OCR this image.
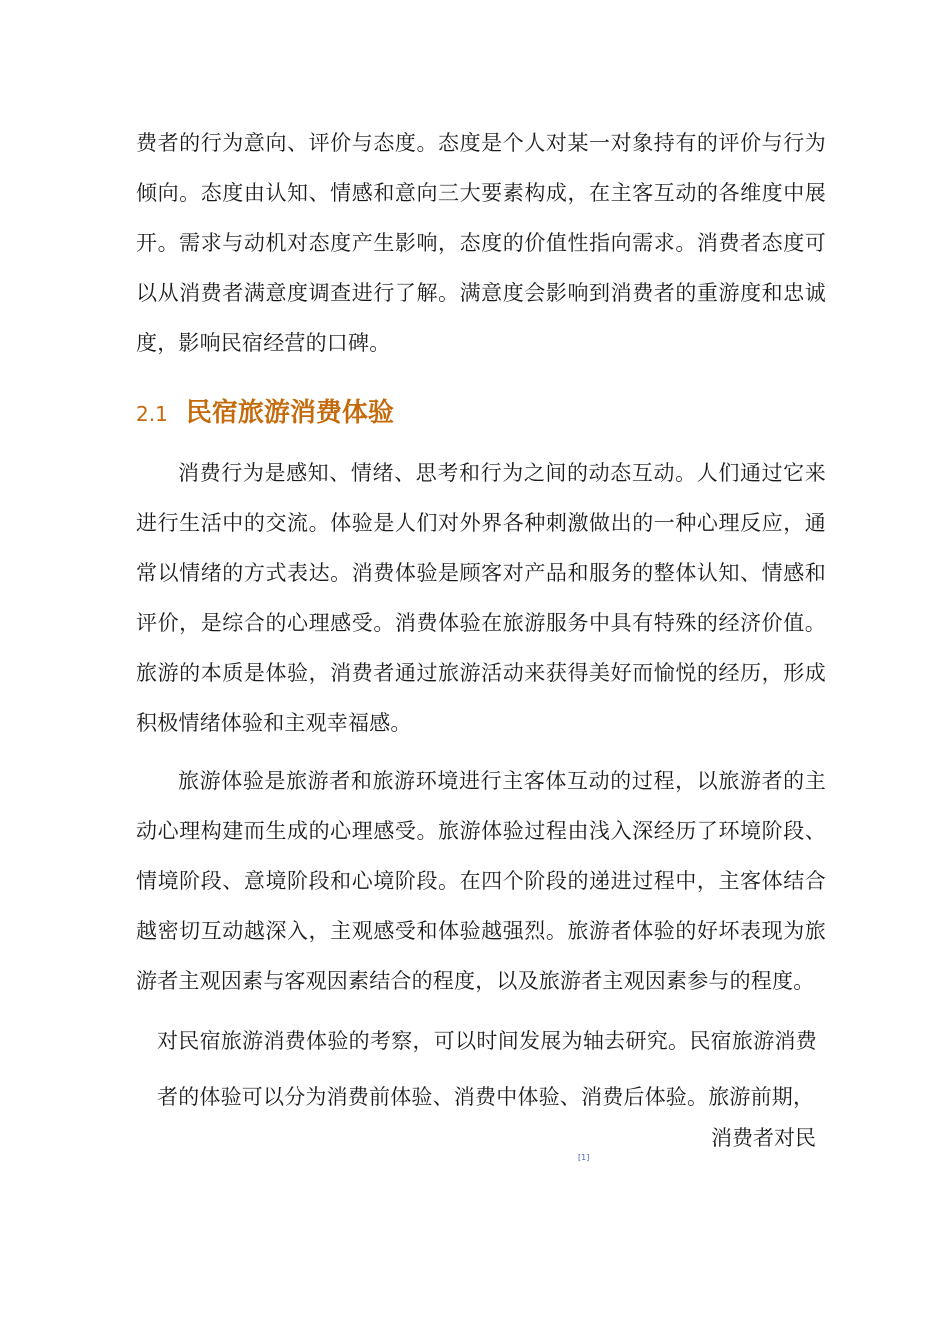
费者的行为意向、评价与态度。态度是个人对某一对象持有的评价与行为倾向。态度由认知、情感和意向三大要素构成，在主客互动的各维度中展开。需求与动机对态度产生影响，态度的价值性指向需求。消费者态度可以从消费者满意度调查进行了解。满意度会影响到消费者的重游度和忠诚度，影响民宿经营的口碑。

2.1 民宿旅游消费体验

消费行为是感知、情绪、思考和行为之间的动态互动。人们通过它来进行生活中的交流。体验是人们对外界各种刺激做出的一种心理反应，通常以情绪的方式表达。消费体验是顾客对产品和服务的整体认知、情感和评价，是综合的心理感受。消费体验在旅游服务中具有特殊的经济价值。旅游的本质是体验，消费者通过旅游活动来获得美好而愉悦的经历，形成积极情绪体验和主观幸福感。

旅游体验是旅游者和旅游环境进行主客体互动的过程，以旅游者的主动心理构建而生成的心理感受。旅游体验过程由浅入深经历了环境阶段、情境阶段、意境阶段和心境阶段。在四个阶段的递进过程中，主客体结合越密切互动越深入，主观感受和体验越强烈。旅游者体验的好坏表现为旅游者主观因素与客观因素结合的程度，以及旅游者主观因素参与的程度。

对民宿旅游消费体验的考察，可以时间发展为轴去研究。民宿旅游消费者的体验可以分为消费前体验、消费中体验、消费后体验。旅游前期，

消费者对民

[1]
